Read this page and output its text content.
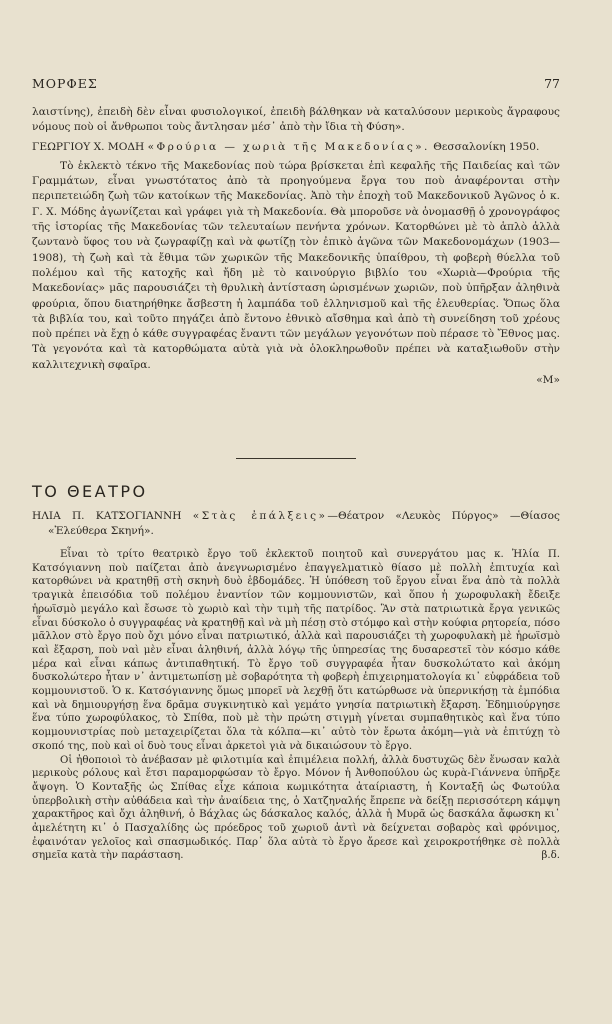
ΜΟΡΦΕΣ	77

λαιστίνης), ἐπειδὴ δὲν εἶναι φυσιολογικοί, ἐπειδὴ βάλθηκαν νὰ καταλύσουν μερικοὺς ἄγραφους νόμους ποὺ οἱ ἄνθρωποι τοὺς ἄντλησαν μέσ᾿ ἀπὸ τὴν ἴδια τὴ Φύση».

ΓΕΩΡΓΙΟΥ Χ. ΜΟΔΗ «Φρούρια — χωριὰ τῆς Μακεδονίας». Θεσσαλονίκη 1950.

Τὸ ἐκλεκτὸ τέκνο τῆς Μακεδονίας ποὺ τώρα βρίσκεται ἐπὶ κεφαλῆς τῆς Παιδείας καὶ τῶν Γραμμάτων, εἶναι γνωστότατος ἀπὸ τὰ προηγούμενα ἔργα του ποὺ ἀναφέρονται στὴν περιπετειώδη ζωὴ τῶν κατοίκων τῆς Μακεδονίας. Ἀπὸ τὴν ἐποχὴ τοῦ Μακεδονικοῦ Ἀγῶνος ὁ κ. Γ. Χ. Μόδης ἀγωνίζεται καὶ γράφει γιὰ τὴ Μακεδονία. Θὰ μποροῦσε νὰ ὀνομασθῇ ὁ χρονογράφος τῆς ἱστορίας τῆς Μακεδονίας τῶν τελευταίων πενήντα χρόνων. Κατορθώνει μὲ τὸ ἁπλὸ ἀλλὰ ζωντανὸ ὕφος του νὰ ζωγραφίζῃ καὶ νὰ φωτίζῃ τὸν ἐπικὸ ἀγῶνα τῶν Μακεδονομάχων (1903—1908), τὴ ζωὴ καὶ τὰ ἔθιμα τῶν χωρικῶν τῆς Μακεδονικῆς ὑπαίθρου, τὴ φοβερὴ θύελλα τοῦ πολέμου καὶ τῆς κατοχῆς καὶ ἤδη μὲ τὸ καινούργιο βιβλίο του «Χωριὰ—Φρούρια τῆς Μακεδονίας» μᾶς παρουσιάζει τὴ θρυλικὴ ἀντίσταση ὡρισμένων χωριῶν, ποὺ ὑπῆρξαν ἀληθινὰ φρούρια, ὅπου διατηρήθηκε ἄσβεστη ἡ λαμπάδα τοῦ ἑλληνισμοῦ καὶ τῆς ἐλευθερίας. Ὅπως ὅλα τὰ βιβλία του, καὶ τοῦτο πηγάζει ἀπὸ ἔντονο ἐθνικὸ αἴσθημα καὶ ἀπὸ τὴ συνείδηση τοῦ χρέους ποὺ πρέπει νὰ ἔχῃ ὁ κάθε συγγραφέας ἔναντι τῶν μεγάλων γεγονότων ποὺ πέρασε τὸ Ἔθνος μας. Τὰ γεγονότα καὶ τὰ κατορθώματα αὐτὰ γιὰ νὰ ὁλοκληρωθοῦν πρέπει νὰ καταξιωθοῦν στὴν καλλιτεχνικὴ σφαῖρα.

«Μ»

ΤΟ ΘΕΑΤΡΟ

ΗΛΙΑ Π. ΚΑΤΣΟΓΙΑΝΝΗ «Στὰς ἐπάλξεις»—Θέατρον «Λευκὸς Πύργος» —Θίασος «Ἐλεύθερα Σκηνή».

Εἶναι τὸ τρίτο θεατρικὸ ἔργο τοῦ ἐκλεκτοῦ ποιητοῦ καὶ συνεργάτου μας κ. Ἠλία Π. Κατσόγιαννη ποὺ παίζεται ἀπὸ ἀνεγνωρισμένο ἐπαγγελματικὸ θίασο μὲ πολλὴ ἐπιτυχία καὶ κατορθώνει νὰ κρατηθῇ στὴ σκηνὴ δυὸ ἑβδομάδες. Ἡ ὑπόθεση τοῦ ἔργου εἶναι ἕνα ἀπὸ τὰ πολλὰ τραγικὰ ἐπεισόδια τοῦ πολέμου ἐναντίον τῶν κομμουνιστῶν, καὶ ὅπου ἡ χωροφυλακὴ ἔδειξε ἡρωϊσμὸ μεγάλο καὶ ἔσωσε τὸ χωριὸ καὶ τὴν τιμὴ τῆς πατρίδος. Ἂν στὰ πατριωτικὰ ἔργα γενικῶς εἶναι δύσκολο ὁ συγγραφέας νὰ κρατηθῇ καὶ νὰ μὴ πέσῃ στὸ στόμφο καὶ στὴν κούφια ρητορεία, πόσο μᾶλλον στὸ ἔργο ποὺ ὄχι μόνο εἶναι πατριωτικό, ἀλλὰ καὶ παρουσιάζει τὴ χωροφυλακὴ μὲ ἡρωϊσμὸ καὶ ἔξαρση, ποὺ ναὶ μὲν εἶναι ἀληθινή, ἀλλὰ λόγῳ τῆς ὑπηρεσίας της δυσαρεστεῖ τὸν κόσμο κάθε μέρα καὶ εἶναι κάπως ἀντιπαθητική. Τὸ ἔργο τοῦ συγγραφέα ἦταν δυσκολώτατο καὶ ἀκόμη δυσκολώτερο ἦταν ν᾿ ἀντιμετωπίσῃ μὲ σοβαρότητα τὴ φοβερὴ ἐπιχειρηματολογία κι᾿ εὐφράδεια τοῦ κομμουνιστοῦ. Ὁ κ. Κατσόγιαννης ὅμως μπορεῖ νὰ λεχθῇ ὅτι κατώρθωσε νὰ ὑπερνικήσῃ τὰ ἐμπόδια καὶ νὰ δημιουργήσῃ ἕνα δρᾶμα συγκινητικὸ καὶ γεμάτο γνησία πατριωτικὴ ἔξαρση. Ἐδημιούργησε ἕνα τύπο χωροφύλακος, τὸ Σπίθα, ποὺ μὲ τὴν πρώτη στιγμὴ γίνεται συμπαθητικὸς καὶ ἕνα τύπο κομμουνιστρίας ποὺ μεταχειρίζεται ὅλα τὰ κόλπα—κι᾿ αὐτὸ τὸν ἔρωτα ἀκόμη—γιὰ νὰ ἐπιτύχῃ τὸ σκοπό της, ποὺ καὶ οἱ δυὸ τους εἶναι ἀρκετοὶ γιὰ νὰ δικαιώσουν τὸ ἔργο.

Οἱ ἠθοποιοὶ τὸ ἀνέβασαν μὲ φιλοτιμία καὶ ἐπιμέλεια πολλή, ἀλλὰ δυστυχῶς δὲν ἕνωσαν καλὰ μερικοὺς ρόλους καὶ ἔτσι παραμορφώσαν τὸ ἔργο. Μόνον ἡ Ἀνθοπούλου ὡς κυρὰ-Γιάννενα ὑπῆρξε ἄψογη. Ὁ Κονταξῆς ὡς Σπίθας εἶχε κάποια κωμικότητα ἀταίριαστη, ἡ Κονταξῆ ὡς Φωτούλα ὑπερβολικὴ στὴν αὐθάδεια καὶ τὴν ἀναίδεια της, ὁ Χατζηναλής ἔπρεπε νὰ δείξῃ περισσότερη κάμψη χαρακτῆρος καὶ ὄχι ἀληθινή, ὁ Βάχλας ὡς δάσκαλος καλός, ἀλλὰ ἡ Μυρᾶ ὡς δασκάλα ἄφωσκη κι᾿ ἀμελέτητη κι᾿ ὁ Πασχαλίδης ὡς πρόεδρος τοῦ χωριοῦ ἀντὶ νὰ δείχνεται σοβαρὸς καὶ φρόνιμος, ἐφαινόταν γελοῖος καὶ σπασμωδικός. Παρ᾿ ὅλα αὐτὰ τὸ ἔργο ἄρεσε καὶ χειροκροτήθηκε σὲ πολλὰ σημεῖα κατὰ τὴν παράσταση.	β.δ.
